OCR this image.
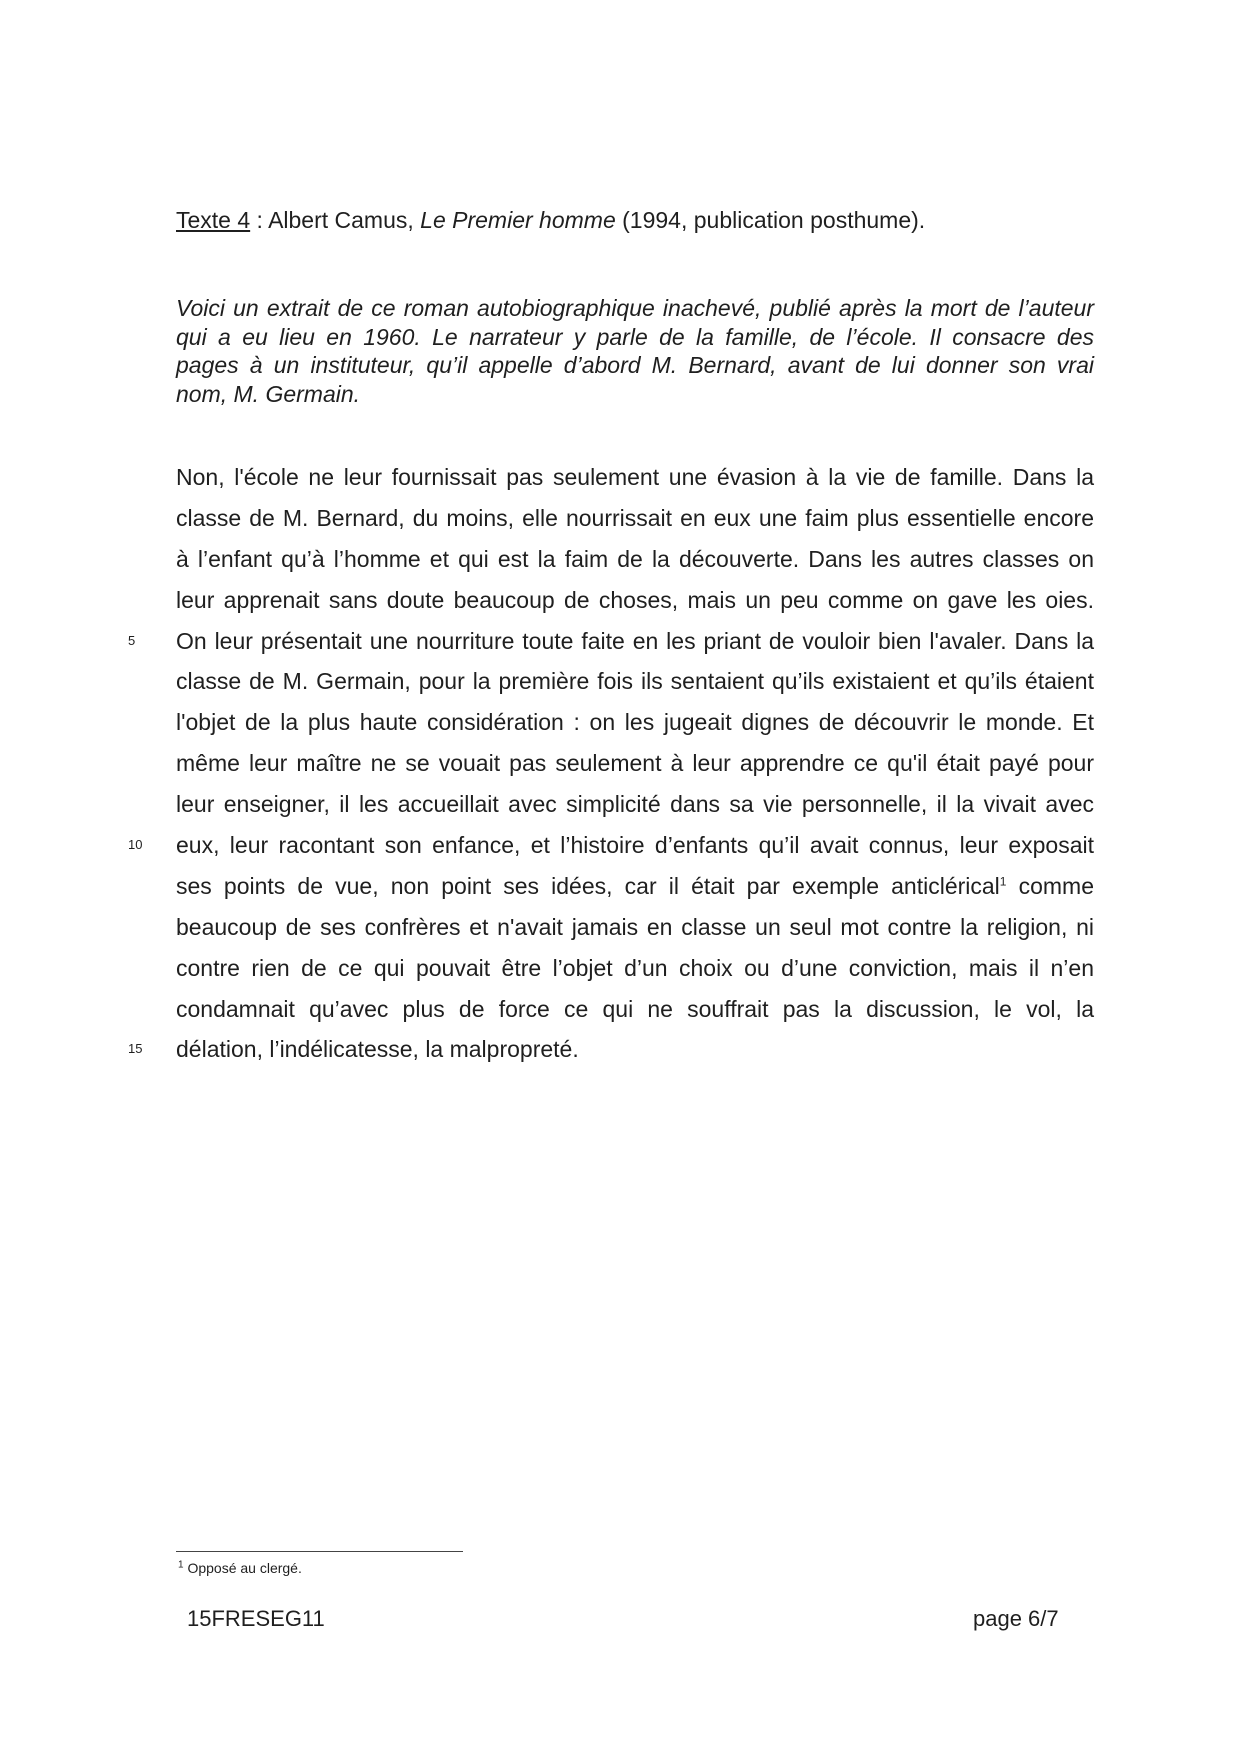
Texte 4 : Albert Camus, Le Premier homme (1994, publication posthume).
Voici un extrait de ce roman autobiographique inachevé, publié après la mort de l’auteur
qui a eu lieu en 1960. Le narrateur y parle de la famille, de l’école. Il consacre des
pages à un instituteur, qu’il appelle d’abord M. Bernard, avant de lui donner son vrai
nom, M. Germain.
Non, l'école ne leur fournissait pas seulement une évasion à la vie de famille. Dans la
classe de M. Bernard, du moins, elle nourrissait en eux une faim plus essentielle encore
à l’enfant qu’à l’homme et qui est la faim de la découverte. Dans les autres classes on
leur apprenait sans doute beaucoup de choses, mais un peu comme on gave les oies.
5	On leur présentait une nourriture toute faite en les priant de vouloir bien l'avaler. Dans la
classe de M. Germain, pour la première fois ils sentaient qu’ils existaient et qu’ils étaient
l'objet de la plus haute considération : on les jugeait dignes de découvrir le monde. Et
même leur maître ne se vouait pas seulement à leur apprendre ce qu'il était payé pour
leur enseigner, il les accueillait avec simplicité dans sa vie personnelle, il la vivait avec
10	eux, leur racontant son enfance, et l’histoire d’enfants qu’il avait connus, leur exposait
ses points de vue, non point ses idées, car il était par exemple anticlérical$^1$ comme
beaucoup de ses confrères et n'avait jamais en classe un seul mot contre la religion, ni
contre rien de ce qui pouvait être l’objet d’un choix ou d’une conviction, mais il n’en
condamnait qu’avec plus de force ce qui ne souffrait pas la discussion, le vol, la
15	délation, l’indélicatesse, la malpropreté.
$^1$ Opposé au clergé.
15FRESEG11	page 6/7
